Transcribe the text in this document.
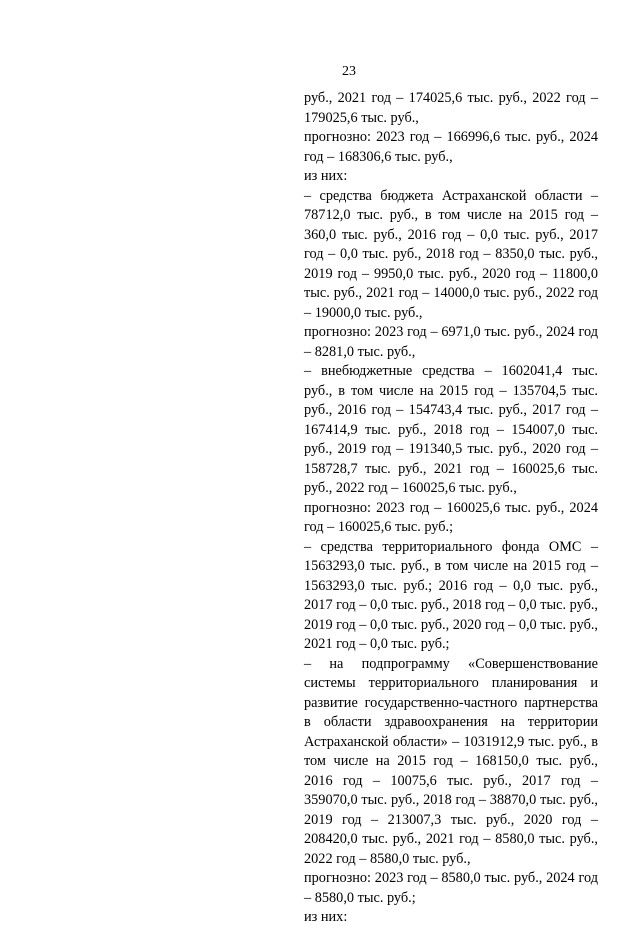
23

руб., 2021 год – 174025,6 тыс. руб., 2022 год – 179025,6 тыс. руб.,

прогнозно: 2023 год – 166996,6 тыс. руб., 2024 год – 168306,6 тыс. руб.,

из них:

– средства бюджета Астраханской области – 78712,0 тыс. руб., в том числе на 2015 год – 360,0 тыс. руб., 2016 год – 0,0 тыс. руб., 2017 год – 0,0 тыс. руб., 2018 год – 8350,0 тыс. руб., 2019 год – 9950,0 тыс. руб., 2020 год – 11800,0 тыс. руб., 2021 год – 14000,0 тыс. руб., 2022 год – 19000,0 тыс. руб.,

прогнозно: 2023 год – 6971,0 тыс. руб., 2024 год – 8281,0 тыс. руб.,

– внебюджетные средства – 1602041,4 тыс. руб., в том числе на 2015 год – 135704,5 тыс. руб., 2016 год – 154743,4 тыс. руб., 2017 год – 167414,9 тыс. руб., 2018 год – 154007,0 тыс. руб., 2019 год – 191340,5 тыс. руб., 2020 год – 158728,7 тыс. руб., 2021 год – 160025,6 тыс. руб., 2022 год – 160025,6 тыс. руб.,

прогнозно: 2023 год – 160025,6 тыс. руб., 2024 год – 160025,6 тыс. руб.;

– средства территориального фонда ОМС – 1563293,0 тыс. руб., в том числе на 2015 год – 1563293,0 тыс. руб.; 2016 год – 0,0 тыс. руб., 2017 год – 0,0 тыс. руб., 2018 год – 0,0 тыс. руб., 2019 год – 0,0 тыс. руб., 2020 год – 0,0 тыс. руб., 2021 год – 0,0 тыс. руб.;

– на подпрограмму «Совершенствование системы территориального планирования и развитие государственно-частного партнерства в области здравоохранения на территории Астраханской области» – 1031912,9 тыс. руб., в том числе на 2015 год – 168150,0 тыс. руб., 2016 год – 10075,6 тыс. руб., 2017 год – 359070,0 тыс. руб., 2018 год – 38870,0 тыс. руб., 2019 год – 213007,3 тыс. руб., 2020 год – 208420,0 тыс. руб., 2021 год – 8580,0 тыс. руб., 2022 год – 8580,0 тыс. руб.,

прогнозно: 2023 год – 8580,0 тыс. руб., 2024 год – 8580,0 тыс. руб.;

из них:
